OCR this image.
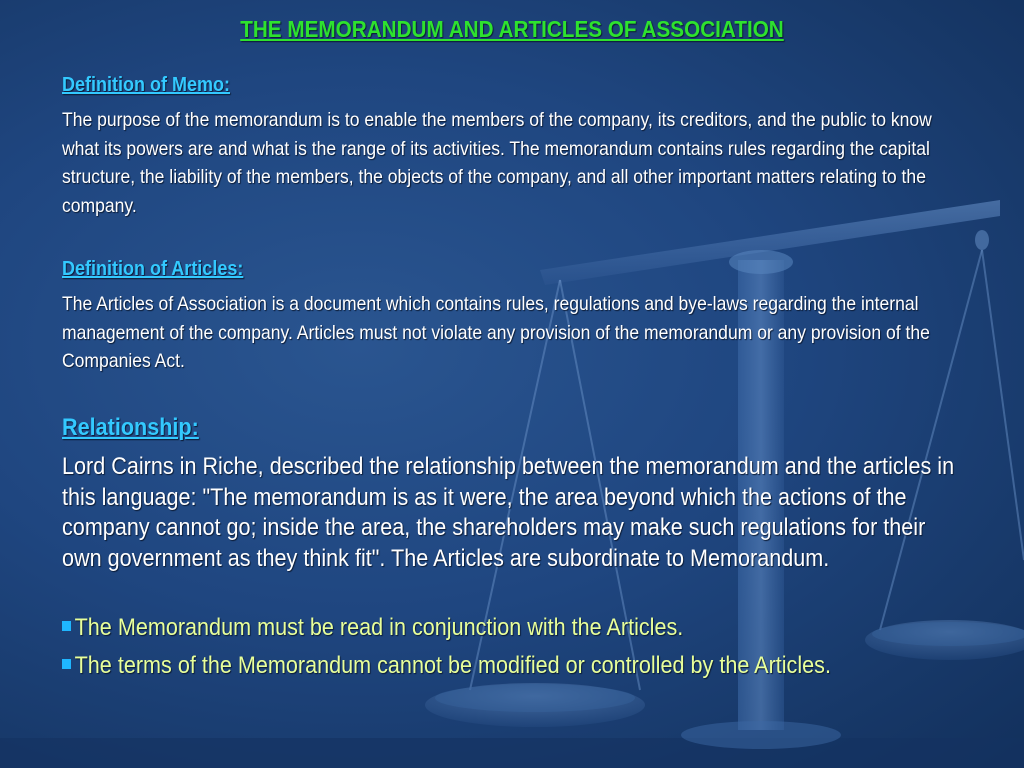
THE MEMORANDUM AND ARTICLES OF ASSOCIATION
Definition of Memo:
The purpose of the memorandum is to enable the members of the company, its creditors, and the public to know what its powers are and what is the range of its activities. The memorandum contains rules regarding the capital structure, the liability of the members, the objects of the company, and all other important matters relating to the company.
Definition of Articles:
The Articles of Association is a document which contains rules, regulations and bye-laws regarding the internal management of the company. Articles must not violate any provision of the memorandum or any provision of the Companies Act.
Relationship:
Lord Cairns in Riche, described the relationship between the memorandum and the articles in this language: "The memorandum is as it were, the area beyond which the actions of the company cannot go; inside the area, the shareholders may make such regulations for their own government as they think fit". The Articles are subordinate to Memorandum.
The Memorandum must be read in conjunction with the Articles.
The terms of the Memorandum cannot be modified or controlled by the Articles.
